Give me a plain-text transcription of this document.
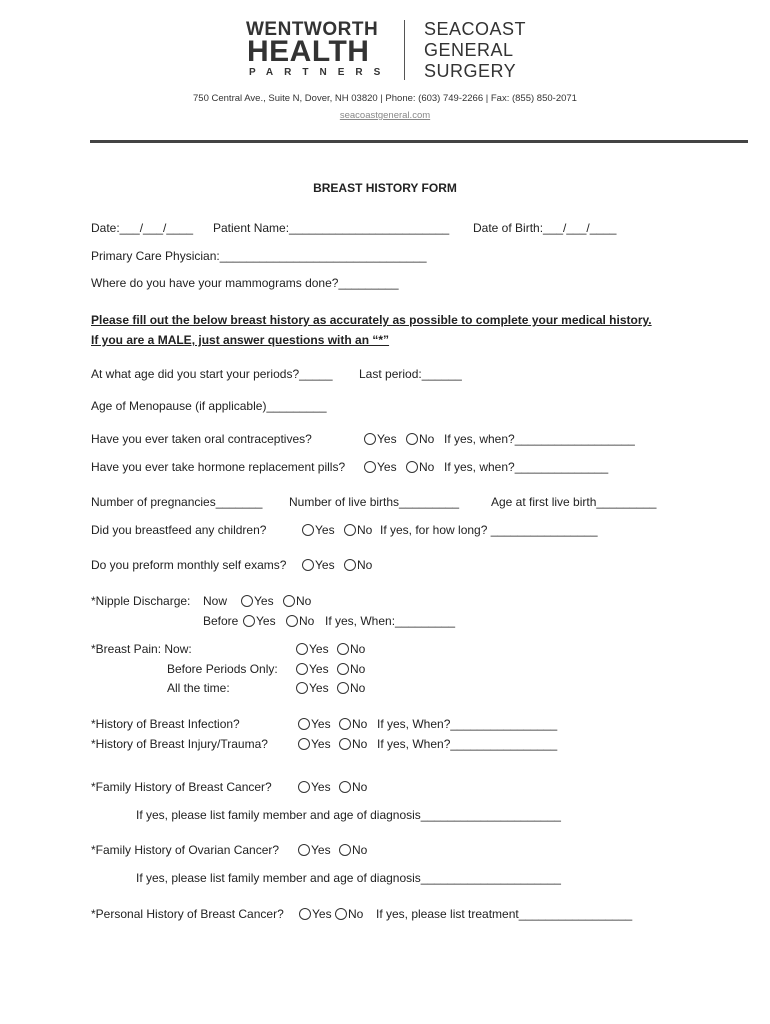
WENTWORTH
HEALTH
PARTNERS
SEACOAST
GENERAL
SURGERY
750 Central Ave., Suite N, Dover, NH 03820 | Phone: (603) 749-2266 | Fax: (855) 850-2071
seacoastgeneral.com
BREAST HISTORY FORM
Date:___/___/____ Patient Name:________________________ Date of Birth:___/___/____
Primary Care Physician:_______________________________
Where do you have your mammograms done?_________
Please fill out the below breast history as accurately as possible to complete your medical history.
If you are a MALE, just answer questions with an “*”
At what age did you start your periods?_____ Last period:______
Age of Menopause (if applicable)_________
Have you ever taken oral contraceptives?	Yes No If yes, when?__________________
Have you ever take hormone replacement pills?	Yes No If yes, when?______________
Number of pregnancies_______ Number of live births_________	Age at first live birth_________
Did you breastfeed any children?	Yes No If yes, for how long? ________________
Do you preform monthly self exams? Yes No
*Nipple Discharge: Now Yes No
Before Yes No If yes, When:_________
*Breast Pain: Now:	Yes No
Before Periods Only:	Yes No
All the time:	Yes No
*History of Breast Infection?	Yes No If yes, When?________________
*History of Breast Injury/Trauma?	Yes No If yes, When?________________
*Family History of Breast Cancer?	Yes No
If yes, please list family member and age of diagnosis_____________________
*Family History of Ovarian Cancer?	Yes No
If yes, please list family member and age of diagnosis_____________________
*Personal History of Breast Cancer? Yes No If yes, please list treatment_________________
